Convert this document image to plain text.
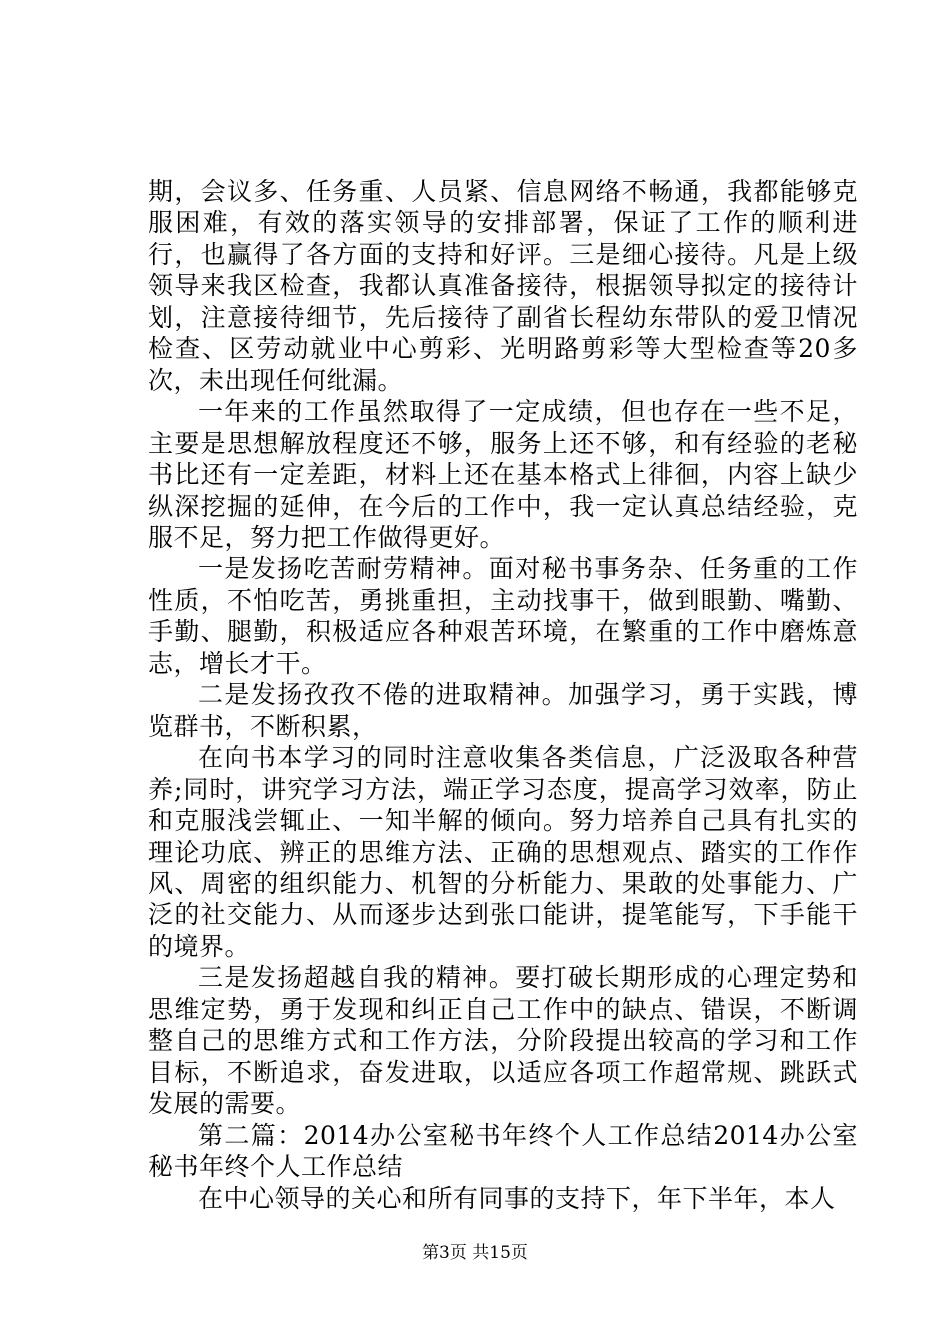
期，会议多、任务重、人员紧、信息网络不畅通，我都能够克服困难，有效的落实领导的安排部署，保证了工作的顺利进行，也赢得了各方面的支持和好评。三是细心接待。凡是上级领导来我区检查，我都认真准备接待，根据领导拟定的接待计划，注意接待细节，先后接待了副省长程幼东带队的爱卫情况检查、区劳动就业中心剪彩、光明路剪彩等大型检查等20多次，未出现任何纰漏。

一年来的工作虽然取得了一定成绩，但也存在一些不足，主要是思想解放程度还不够，服务上还不够，和有经验的老秘书比还有一定差距，材料上还在基本格式上徘徊，内容上缺少纵深挖掘的延伸，在今后的工作中，我一定认真总结经验，克服不足，努力把工作做得更好。

一是发扬吃苦耐劳精神。面对秘书事务杂、任务重的工作性质，不怕吃苦，勇挑重担，主动找事干，做到眼勤、嘴勤、手勤、腿勤，积极适应各种艰苦环境，在繁重的工作中磨炼意志，增长才干。

二是发扬孜孜不倦的进取精神。加强学习，勇于实践，博览群书，不断积累，

在向书本学习的同时注意收集各类信息，广泛汲取各种营养;同时，讲究学习方法，端正学习态度，提高学习效率，防止和克服浅尝辄止、一知半解的倾向。努力培养自己具有扎实的理论功底、辨正的思维方法、正确的思想观点、踏实的工作作风、周密的组织能力、机智的分析能力、果敢的处事能力、广泛的社交能力、从而逐步达到张口能讲，提笔能写，下手能干的境界。

三是发扬超越自我的精神。要打破长期形成的心理定势和思维定势，勇于发现和纠正自己工作中的缺点、错误，不断调整自己的思维方式和工作方法，分阶段提出较高的学习和工作目标，不断追求，奋发进取，以适应各项工作超常规、跳跃式发展的需要。

第二篇：2014办公室秘书年终个人工作总结2014办公室秘书年终个人工作总结

在中心领导的关心和所有同事的支持下，年下半年，本人

第3页 共15页
